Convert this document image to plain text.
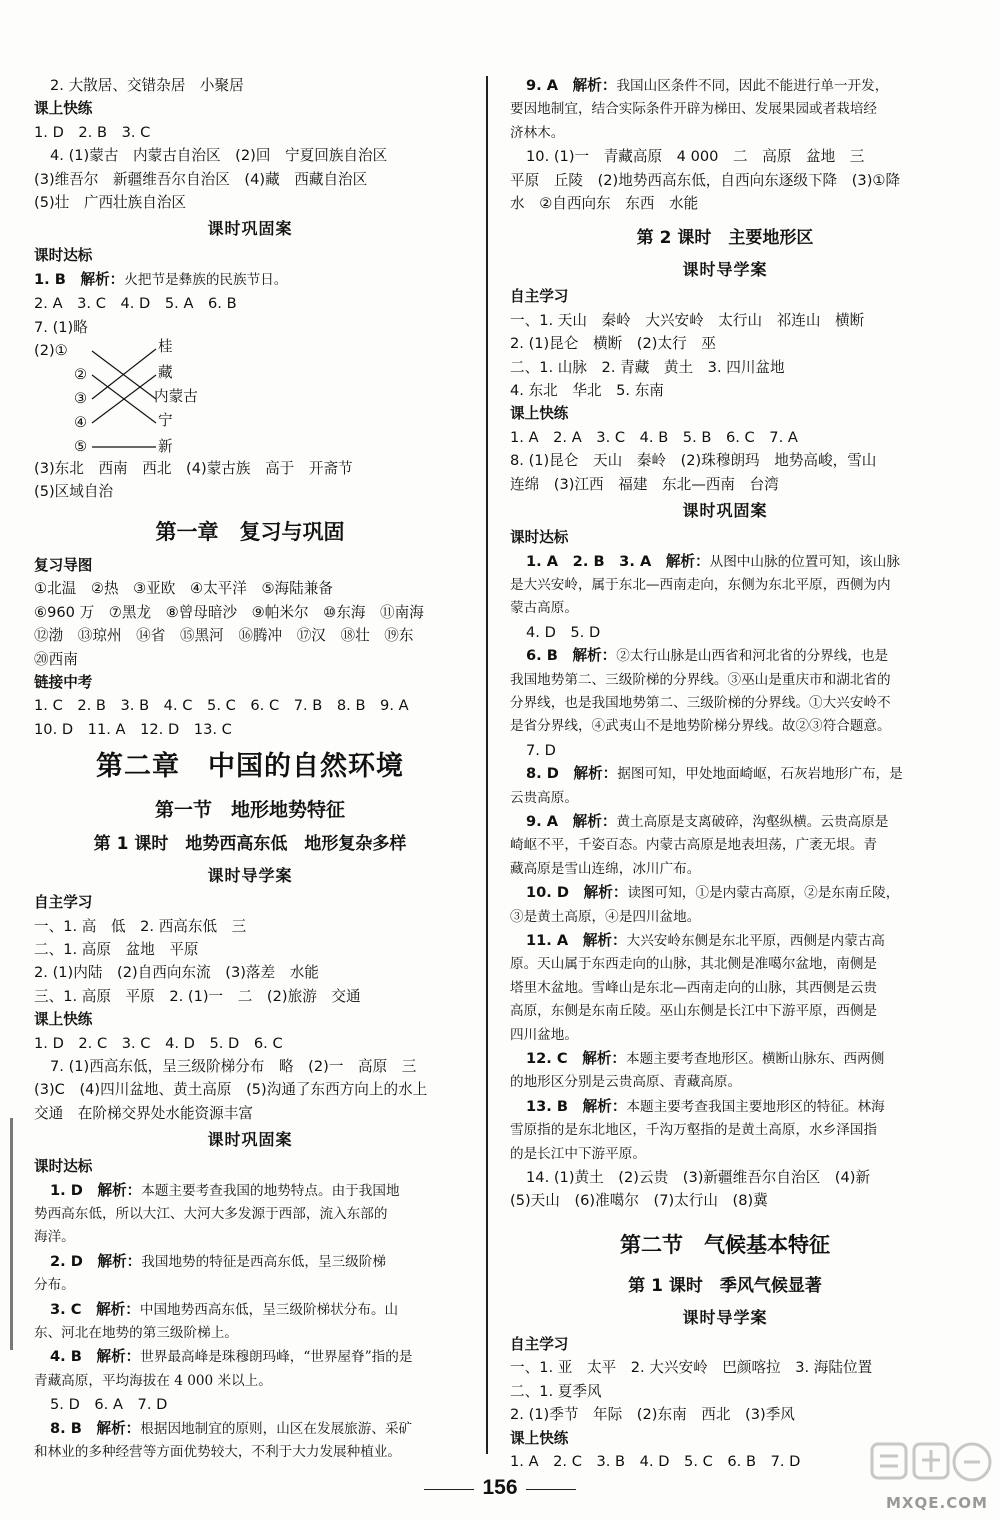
2. 大散居、交错杂居　小聚居
课上快练
1. D　2. B　3. C
4. (1)蒙古　内蒙古自治区　(2)回　宁夏回族自治区
(3)维吾尔　新疆维吾尔自治区　(4)藏　西藏自治区
(5)壮　广西壮族自治区
课时巩固案
课时达标
1. B　解析：火把节是彝族的民族节日。
2. A　3. C　4. D　5. A　6. B
7. (1)略
(2)①
②
③
④
⑤
桂
藏
内蒙古
宁
新
(3)东北　西南　西北　(4)蒙古族　高于　开斋节
(5)区域自治
第一章　复习与巩固
复习导图
①北温　②热　③亚欧　④太平洋　⑤海陆兼备
⑥960 万　⑦黑龙　⑧曾母暗沙　⑨帕米尔　⑩东海　⑪南海
⑫渤　⑬琼州　⑭省　⑮黑河　⑯腾冲　⑰汉　⑱壮　⑲东
⑳西南
链接中考
1. C　2. B　3. B　4. C　5. C　6. C　7. B　8. B　9. A
10. D　11. A　12. D　13. C
第二章　中国的自然环境
第一节　地形地势特征
第 1 课时　地势西高东低　地形复杂多样
课时导学案
自主学习
一、1. 高　低　2. 西高东低　三
二、1. 高原　盆地　平原
2. (1)内陆　(2)自西向东流　(3)落差　水能
三、1. 高原　平原　2. (1)一　二　(2)旅游　交通
课上快练
1. D　2. C　3. C　4. D　5. D　6. C
7. (1)西高东低，呈三级阶梯分布　略　(2)一　高原　三
(3)C　(4)四川盆地、黄土高原　(5)沟通了东西方向上的水上
交通　在阶梯交界处水能资源丰富
课时巩固案
课时达标
1. D　解析：本题主要考查我国的地势特点。由于我国地
势西高东低，所以大江、大河大多发源于西部，流入东部的
海洋。
2. D　解析：我国地势的特征是西高东低，呈三级阶梯
分布。
3. C　解析：中国地势西高东低，呈三级阶梯状分布。山
东、河北在地势的第三级阶梯上。
4. B　解析：世界最高峰是珠穆朗玛峰，“世界屋脊”指的是
青藏高原，平均海拔在 4 000 米以上。
5. D　6. A　7. D
8. B　解析：根据因地制宜的原则，山区在发展旅游、采矿
和林业的多种经营等方面优势较大，不利于大力发展种植业。
9. A　解析：我国山区条件不同，因此不能进行单一开发，
要因地制宜，结合实际条件开辟为梯田、发展果园或者栽培经
济林木。
10. (1)一　青藏高原　4 000　二　高原　盆地　三
平原　丘陵　(2)地势西高东低，自西向东逐级下降　(3)①降
水　②自西向东　东西　水能
第 2 课时　主要地形区
课时导学案
自主学习
一、1. 天山　秦岭　大兴安岭　太行山　祁连山　横断
2. (1)昆仑　横断　(2)太行　巫
二、1. 山脉　2. 青藏　黄土　3. 四川盆地
4. 东北　华北　5. 东南
课上快练
1. A　2. A　3. C　4. B　5. B　6. C　7. A
8. (1)昆仑　天山　秦岭　(2)珠穆朗玛　地势高峻，雪山
连绵　(3)江西　福建　东北—西南　台湾
课时巩固案
课时达标
1. A　2. B　3. A　解析：从图中山脉的位置可知，该山脉
是大兴安岭，属于东北—西南走向，东侧为东北平原，西侧为内
蒙古高原。
4. D　5. D
6. B　解析：②太行山脉是山西省和河北省的分界线，也是
我国地势第二、三级阶梯的分界线。③巫山是重庆市和湖北省的
分界线，也是我国地势第二、三级阶梯的分界线。①大兴安岭不
是省分界线，④武夷山不是地势阶梯分界线。故②③符合题意。
7. D
8. D　解析：据图可知，甲处地面崎岖，石灰岩地形广布，是
云贵高原。
9. A　解析：黄土高原是支离破碎，沟壑纵横。云贵高原是
崎岖不平，千姿百态。内蒙古高原是地表坦荡，广袤无垠。青
藏高原是雪山连绵，冰川广布。
10. D　解析：读图可知，①是内蒙古高原，②是东南丘陵，
③是黄土高原，④是四川盆地。
11. A　解析：大兴安岭东侧是东北平原，西侧是内蒙古高
原。天山属于东西走向的山脉，其北侧是准噶尔盆地，南侧是
塔里木盆地。雪峰山是东北—西南走向的山脉，其西侧是云贵
高原，东侧是东南丘陵。巫山东侧是长江中下游平原，西侧是
四川盆地。
12. C　解析：本题主要考查地形区。横断山脉东、西两侧
的地形区分别是云贵高原、青藏高原。
13. B　解析：本题主要考查我国主要地形区的特征。林海
雪原指的是东北地区，千沟万壑指的是黄土高原，水乡泽国指
的是长江中下游平原。
14. (1)黄土　(2)云贵　(3)新疆维吾尔自治区　(4)新
(5)天山　(6)准噶尔　(7)太行山　(8)冀
第二节　气候基本特征
第 1 课时　季风气候显著
课时导学案
自主学习
一、1. 亚　太平　2. 大兴安岭　巴颜喀拉　3. 海陆位置
二、1. 夏季风
2. (1)季节　年际　(2)东南　西北　(3)季风
课上快练
1. A　2. C　3. B　4. D　5. C　6. B　7. D
156
MXQE.COM
